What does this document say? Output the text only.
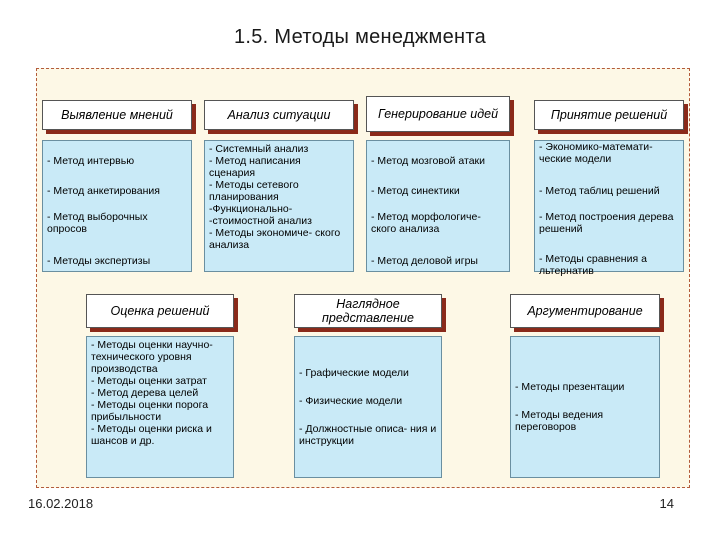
1.5. Методы менеджмента
Выявление мнений	Анализ ситуации	Генерирование идей	Принятие решений
- Метод интервью
- Метод анкетирования
- Метод выборочных опросов
- Методы экспертизы
- Системный анализ
- Метод написания сценария
- Методы сетевого планирования
-Функционально- -стоимостной анализ
- Методы экономиче- ского анализа
- Метод мозговой атаки
- Метод синектики
- Метод морфологиче- ского анализа
- Метод деловой игры
- Экономико-математи- ческие модели
- Метод таблиц решений
- Метод построения дерева решений
- Методы сравнения а льтернатив
Оценка решений	Наглядное представление	Аргументирование
- Методы оценки научно- технического уровня производства
- Методы оценки затрат
- Метод дерева целей
- Методы оценки порога прибыльности
- Методы оценки риска и шансов и др.
- Графические модели
- Физические модели
- Должностные описа- ния и инструкции
- Методы презентации
- Методы ведения переговоров
16.02.2018	14
